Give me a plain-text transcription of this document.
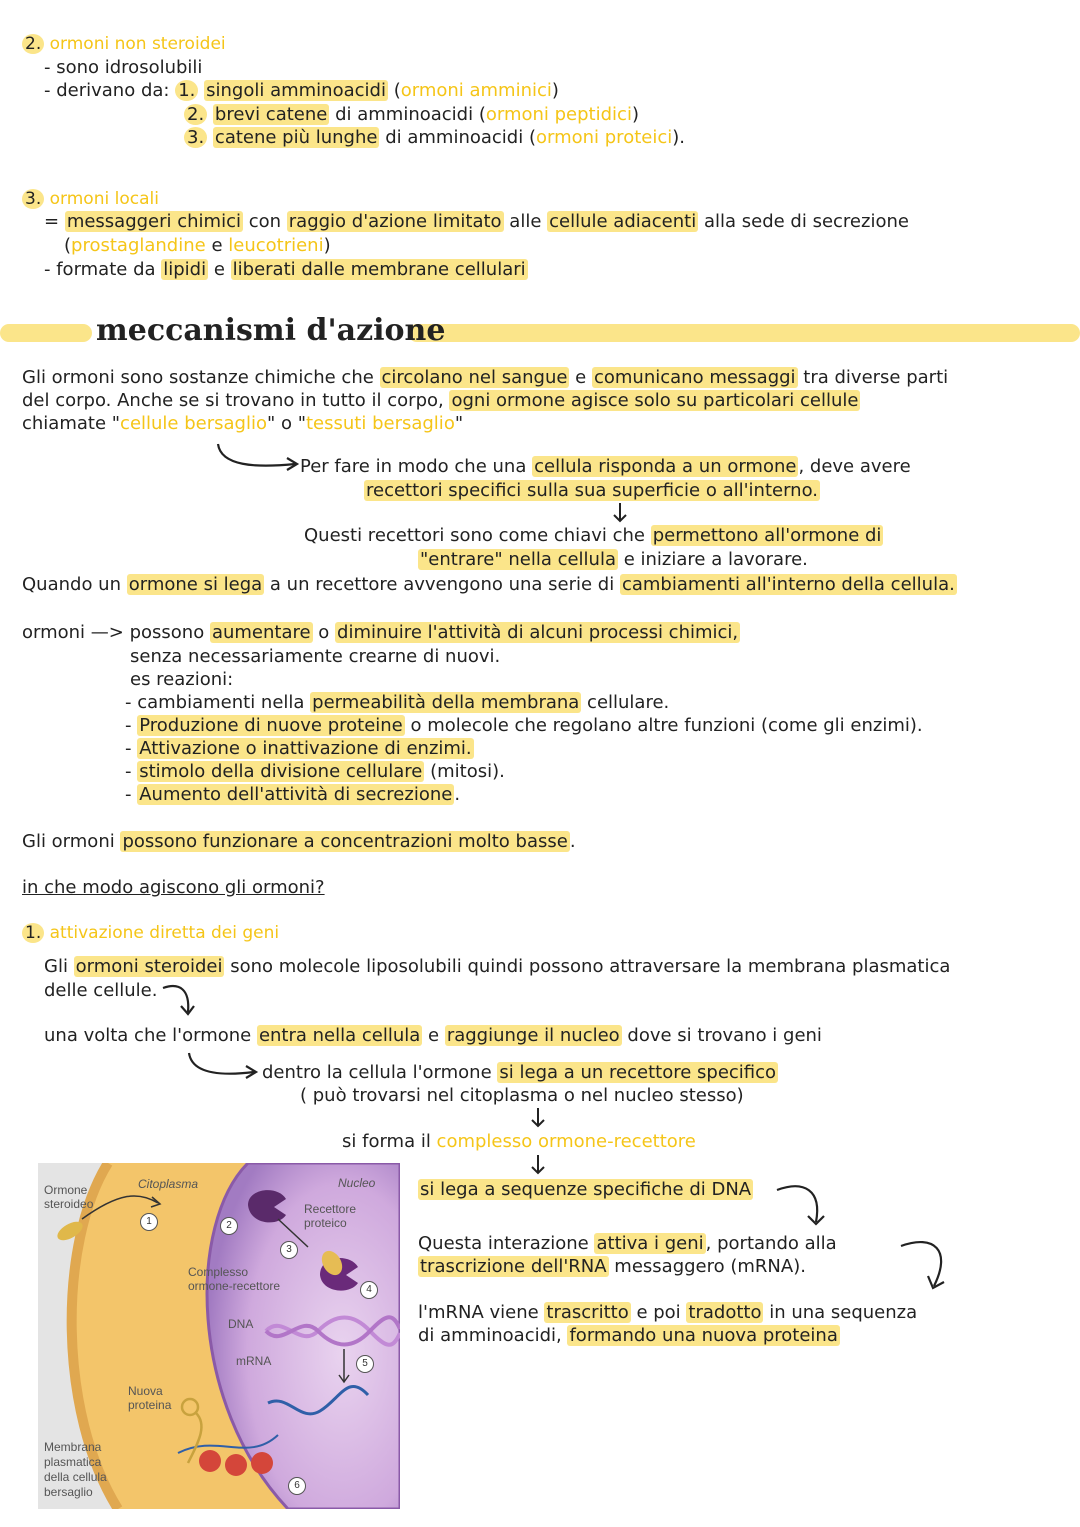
2. ormoni non steroidei
- sono idrosolubili
- derivano da: 1. singoli amminoacidi (ormoni amminici)
2. brevi catene di amminoacidi (ormoni peptidici)
3. catene più lunghe di amminoacidi (ormoni proteici).
3. ormoni locali
= messaggeri chimici con raggio d'azione limitato alle cellule adiacenti alla sede di secrezione
(prostaglandine e leucotrieni)
- formate da lipidi e liberati dalle membrane cellulari
meccanismi d'azione
Gli ormoni sono sostanze chimiche che circolano nel sangue e comunicano messaggi tra diverse parti
del corpo. Anche se si trovano in tutto il corpo, ogni ormone agisce solo su particolari cellule
chiamate "cellule bersaglio" o "tessuti bersaglio"
Per fare in modo che una cellula risponda a un ormone , deve avere
recettori specifici sulla sua superficie o all'interno.
Questi recettori sono come chiavi che permettono all'ormone di
"entrare" nella cellula e iniziare a lavorare.
Quando un ormone si lega a un recettore avvengono una serie di cambiamenti all'interno della cellula.
ormoni —> possono aumentare o diminuire l'attività di alcuni processi chimici,
senza necessariamente crearne di nuovi.
es reazioni:
- cambiamenti nella permeabilità della membrana cellulare.
- Produzione di nuove proteine o molecole che regolano altre funzioni (come gli enzimi).
- Attivazione o inattivazione di enzimi.
- stimolo della divisione cellulare (mitosi).
- Aumento dell'attività di secrezione .
Gli ormoni possono funzionare a concentrazioni molto basse .
in che modo agiscono gli ormoni?
1. attivazione diretta dei geni
Gli ormoni steroidei sono molecole liposolubili quindi possono attraversare la membrana plasmatica
delle cellule.
una volta che l'ormone entra nella cellula e raggiunge il nucleo dove si trovano i geni
dentro la cellula l'ormone si lega a un recettore specifico
( può trovarsi nel citoplasma o nel nucleo stesso)
si forma il complesso ormone-recettore
si lega a sequenze specifiche di DNA
Questa interazione attiva i geni , portando alla
trascrizione dell'RNA messaggero (mRNA).
l'mRNA viene trascritto e poi tradotto in una sequenza
di amminoacidi, formando una nuova proteina
Ormone
steroideo
Citoplasma	Nucleo
Recettore
proteico
Complesso
ormone-recettore
DNA
mRNA
Nuova
proteina
Membrana
plasmatica
della cellula
bersaglio
1	2
3
4
5
6
